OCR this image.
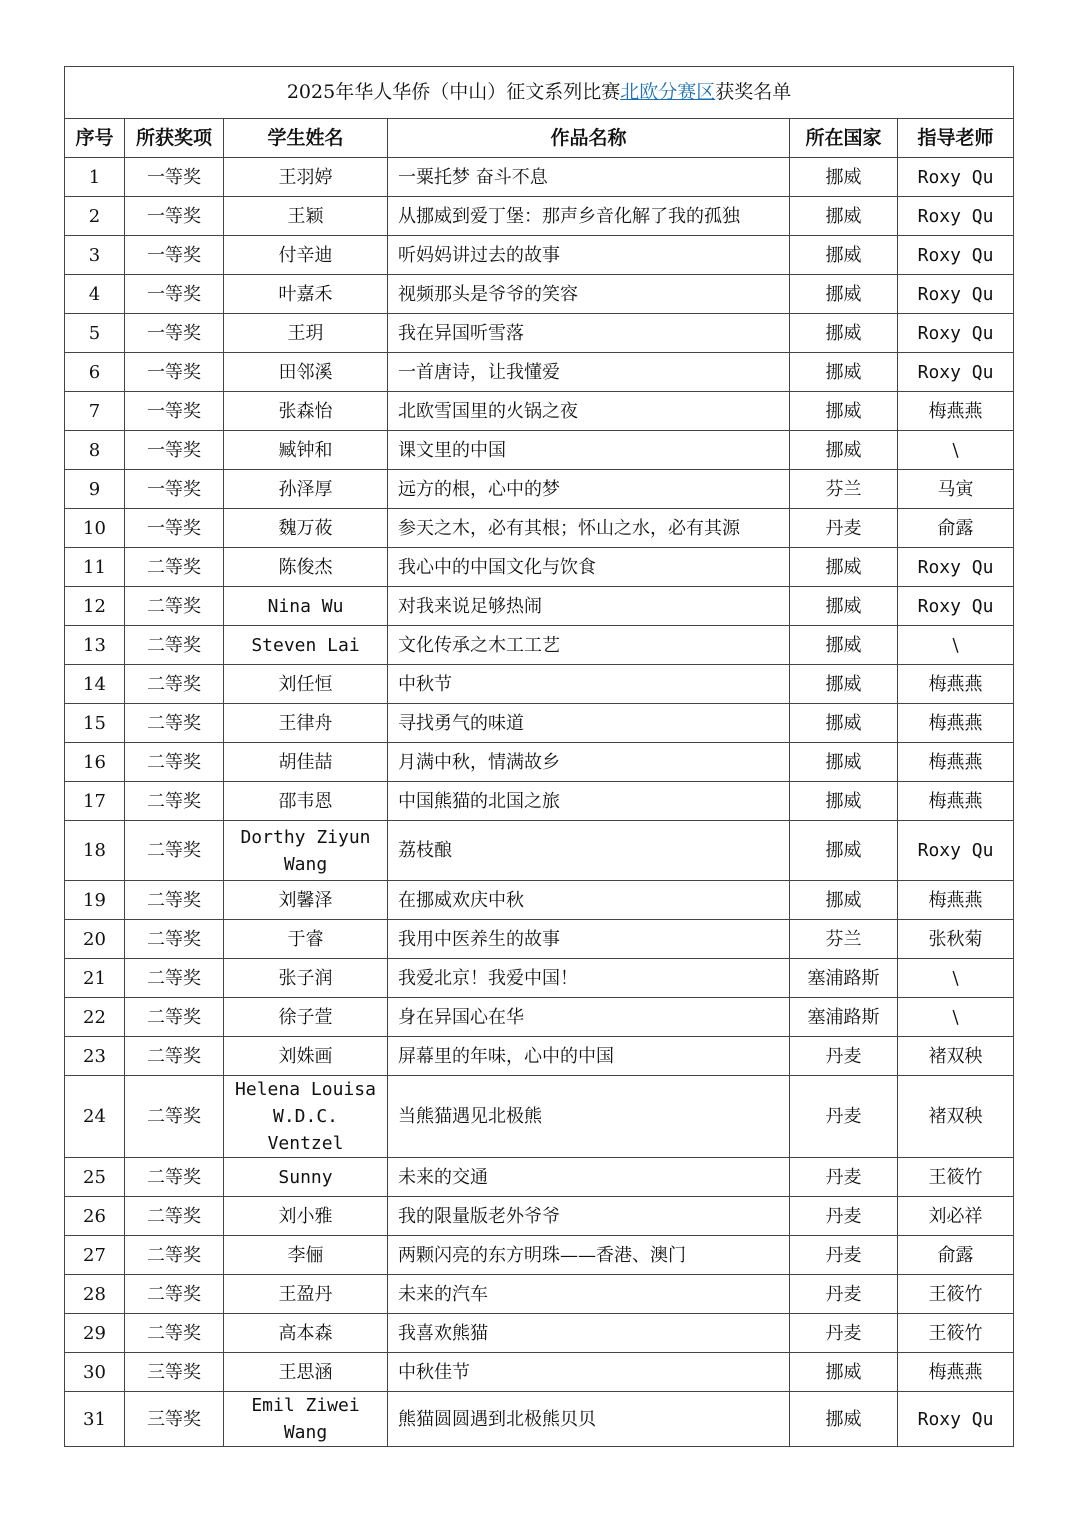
2025年华人华侨（中山）征文系列比赛北欧分赛区获奖名单					
序号	所获奖项	学生姓名	作品名称	所在国家	指导老师
1	一等奖	王羽婷	一粟托梦 奋斗不息	挪威	Roxy Qu
2	一等奖	王颖	从挪威到爱丁堡：那声乡音化解了我的孤独	挪威	Roxy Qu
3	一等奖	付辛迪	听妈妈讲过去的故事	挪威	Roxy Qu
4	一等奖	叶嘉禾	视频那头是爷爷的笑容	挪威	Roxy Qu
5	一等奖	王玥	我在异国听雪落	挪威	Roxy Qu
6	一等奖	田邻溪	一首唐诗，让我懂爱	挪威	Roxy Qu
7	一等奖	张森怡	北欧雪国里的火锅之夜	挪威	梅燕燕
8	一等奖	臧钟和	课文里的中国	挪威	\
9	一等奖	孙泽厚	远方的根，心中的梦	芬兰	马寅
10	一等奖	魏万莜	参天之木，必有其根；怀山之水，必有其源	丹麦	俞露
11	二等奖	陈俊杰	我心中的中国文化与饮食	挪威	Roxy Qu
12	二等奖	Nina Wu	对我来说足够热闹	挪威	Roxy Qu
13	二等奖	Steven Lai	文化传承之木工工艺	挪威	\
14	二等奖	刘任恒	中秋节	挪威	梅燕燕
15	二等奖	王律舟	寻找勇气的味道	挪威	梅燕燕
16	二等奖	胡佳喆	月满中秋，情满故乡	挪威	梅燕燕
17	二等奖	邵韦恩	中国熊猫的北国之旅	挪威	梅燕燕
18	二等奖	Dorthy Ziyun Wang	荔枝酿	挪威	Roxy Qu
19	二等奖	刘馨泽	在挪威欢庆中秋	挪威	梅燕燕
20	二等奖	于睿	我用中医养生的故事	芬兰	张秋菊
21	二等奖	张子润	我爱北京！我爱中国！	塞浦路斯	\
22	二等奖	徐子萱	身在异国心在华	塞浦路斯	\
23	二等奖	刘姝画	屏幕里的年味，心中的中国	丹麦	褚双秧
24	二等奖	Helena Louisa W.D.C. Ventzel	当熊猫遇见北极熊	丹麦	褚双秧
25	二等奖	Sunny	未来的交通	丹麦	王筱竹
26	二等奖	刘小雅	我的限量版老外爷爷	丹麦	刘必祥
27	二等奖	李俪	两颗闪亮的东方明珠——香港、澳门	丹麦	俞露
28	二等奖	王盈丹	未来的汽车	丹麦	王筱竹
29	二等奖	高本森	我喜欢熊猫	丹麦	王筱竹
30	三等奖	王思涵	中秋佳节	挪威	梅燕燕
31	三等奖	Emil Ziwei Wang	熊猫圆圆遇到北极熊贝贝	挪威	Roxy Qu
